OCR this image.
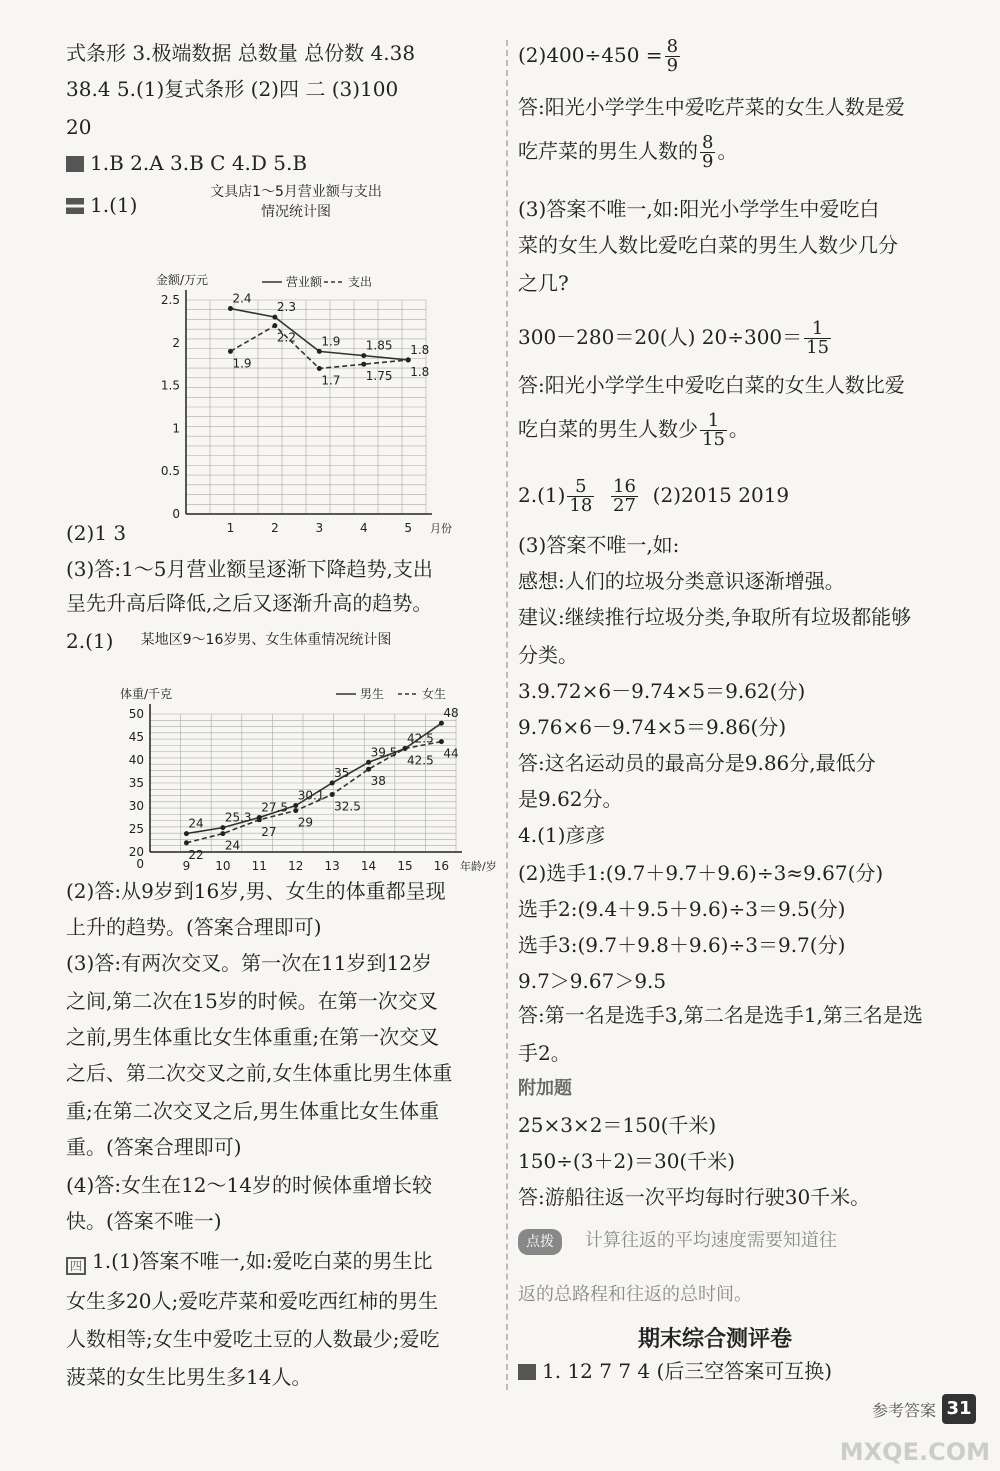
式条形 3.极端数据 总数量 总份数 4.38
38.4 5.(1)复式条形 (2)四 二 (3)100
20
1.B 2.A 3.B C 4.D 5.B
1.(1)
文具店1～5月营业额与支出
情况统计图
0
0.5
1
1.5
2
2.5
1	2	3	4	5 月份
金额/万元	营业额 支出
2.4
2.3
1.9 1.85 1.8
1.9
2.2
1.7 1.75 1.8
(2)1 3
(3)答:1～5月营业额呈逐渐下降趋势,支出
呈先升高后降低,之后又逐渐升高的趋势。
2.(1) 某地区9～16岁男、女生体重情况统计图
0
20
25
30
35
40
45
50
9 10 11 12 13 14 15 16 年龄/岁
体重/千克	男生	女生
24 25.3
27.5
30.1
35
39.5
42.5
48
22
24
27
29
32.5
38
42.5 44
(2)答:从9岁到16岁,男、女生的体重都呈现
上升的趋势。(答案合理即可)
(3)答:有两次交叉。第一次在11岁到12岁
之间,第二次在15岁的时候。在第一次交叉
之前,男生体重比女生体重重;在第一次交叉
之后、第二次交叉之前,女生体重比男生体重
重;在第二次交叉之后,男生体重比女生体重
重。(答案合理即可)
(4)答:女生在12～14岁的时候体重增长较
快。(答案不唯一)
四 1.(1)答案不唯一,如:爱吃白菜的男生比
女生多20人;爱吃芹菜和爱吃西红柿的男生
人数相等;女生中爱吃土豆的人数最少;爱吃
菠菜的女生比男生多14人。
$(2)400\div 450 = \frac{8}{9}$
答:阳光小学学生中爱吃芹菜的女生人数是爱
吃芹菜的男生人数的 $\frac{8}{9}$ 。
(3)答案不唯一,如:阳光小学学生中爱吃白
菜的女生人数比爱吃白菜的男生人数少几分
之几?
300－280＝20(人) $20\div 300= \frac{1}{15}$
答:阳光小学学生中爱吃白菜的女生人数比爱
吃白菜的男生人数少 $\frac{1}{15}$ 。
$2.(1) \frac{5}{18}$
$\frac{16}{27} (2)2015$ 2019
(3)答案不唯一,如:
感想:人们的垃圾分类意识逐渐增强。
建议:继续推行垃圾分类,争取所有垃圾都能够
分类。
3.9.72×6－9.74×5＝9.62(分)
9.76×6－9.74×5＝9.86(分)
答:这名运动员的最高分是9.86分,最低分
是9.62分。
4.(1)彦彦
(2)选手1:(9.7＋9.7＋9.6)÷3≈9.67(分)
选手2:(9.4＋9.5＋9.6)÷3＝9.5(分)
选手3:(9.7＋9.8＋9.6)÷3＝9.7(分)
9.7＞9.67＞9.5
答:第一名是选手3,第二名是选手1,第三名是选
手2。
附加题
25×3×2＝150(千米)
150÷(3＋2)＝30(千米)
答:游船往返一次平均每时行驶30千米。
点拨 计算往返的平均速度需要知道往
返的总路程和往返的总时间。
期末综合测评卷
1. 12 7 7 4 (后三空答案可互换)
参考答案 31
MXQE.COM
